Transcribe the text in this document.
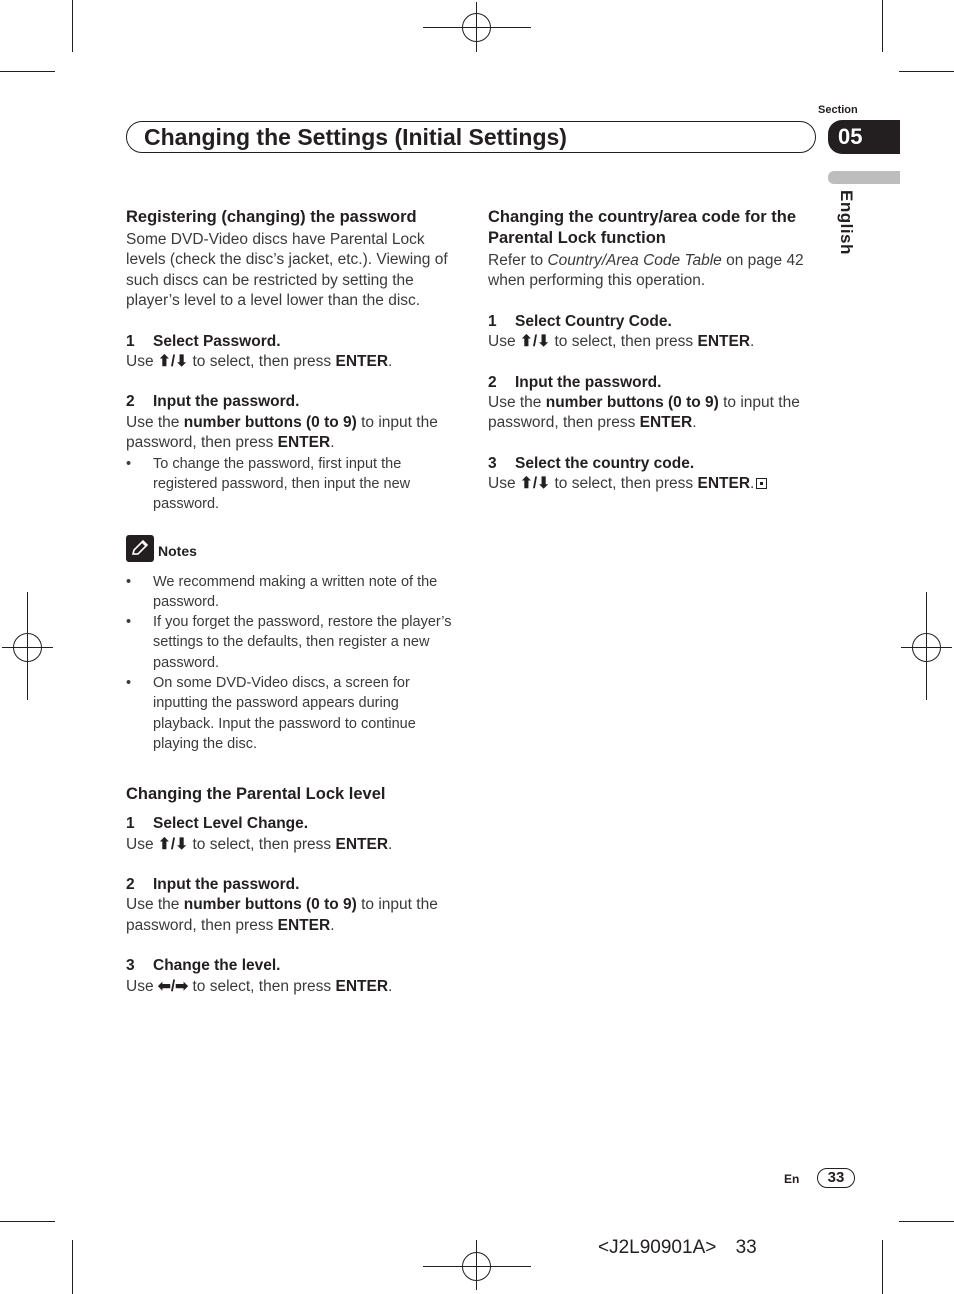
Section
Changing the Settings (Initial Settings)	05
English

Registering (changing) the password

Some DVD-Video discs have Parental Lock levels (check the disc’s jacket, etc.). Viewing of such discs can be restricted by setting the player’s level to a level lower than the disc.

1 Select Password.

Use ⬆/⬇ to select, then press ENTER.

2 Input the password.

Use the number buttons (0 to 9) to input the password, then press ENTER.

• To change the password, first input the registered password, then input the new password.

Notes

• We recommend making a written note of the password.

• If you forget the password, restore the player’s settings to the defaults, then register a new password.

• On some DVD-Video discs, a screen for inputting the password appears during playback. Input the password to continue playing the disc.

Changing the Parental Lock level

1 Select Level Change.

Use ⬆/⬇ to select, then press ENTER.

2 Input the password.

Use the number buttons (0 to 9) to input the password, then press ENTER.

3 Change the level.

Use ⬅/➡ to select, then press ENTER.

Changing the country/area code for the Parental Lock function

Refer to Country/Area Code Table on page 42 when performing this operation.

1 Select Country Code.

Use ⬆/⬇ to select, then press ENTER.

2 Input the password.

Use the number buttons (0 to 9) to input the password, then press ENTER.

3 Select the country code.

Use ⬆/⬇ to select, then press ENTER.

En	33
<J2L90901A> 33
